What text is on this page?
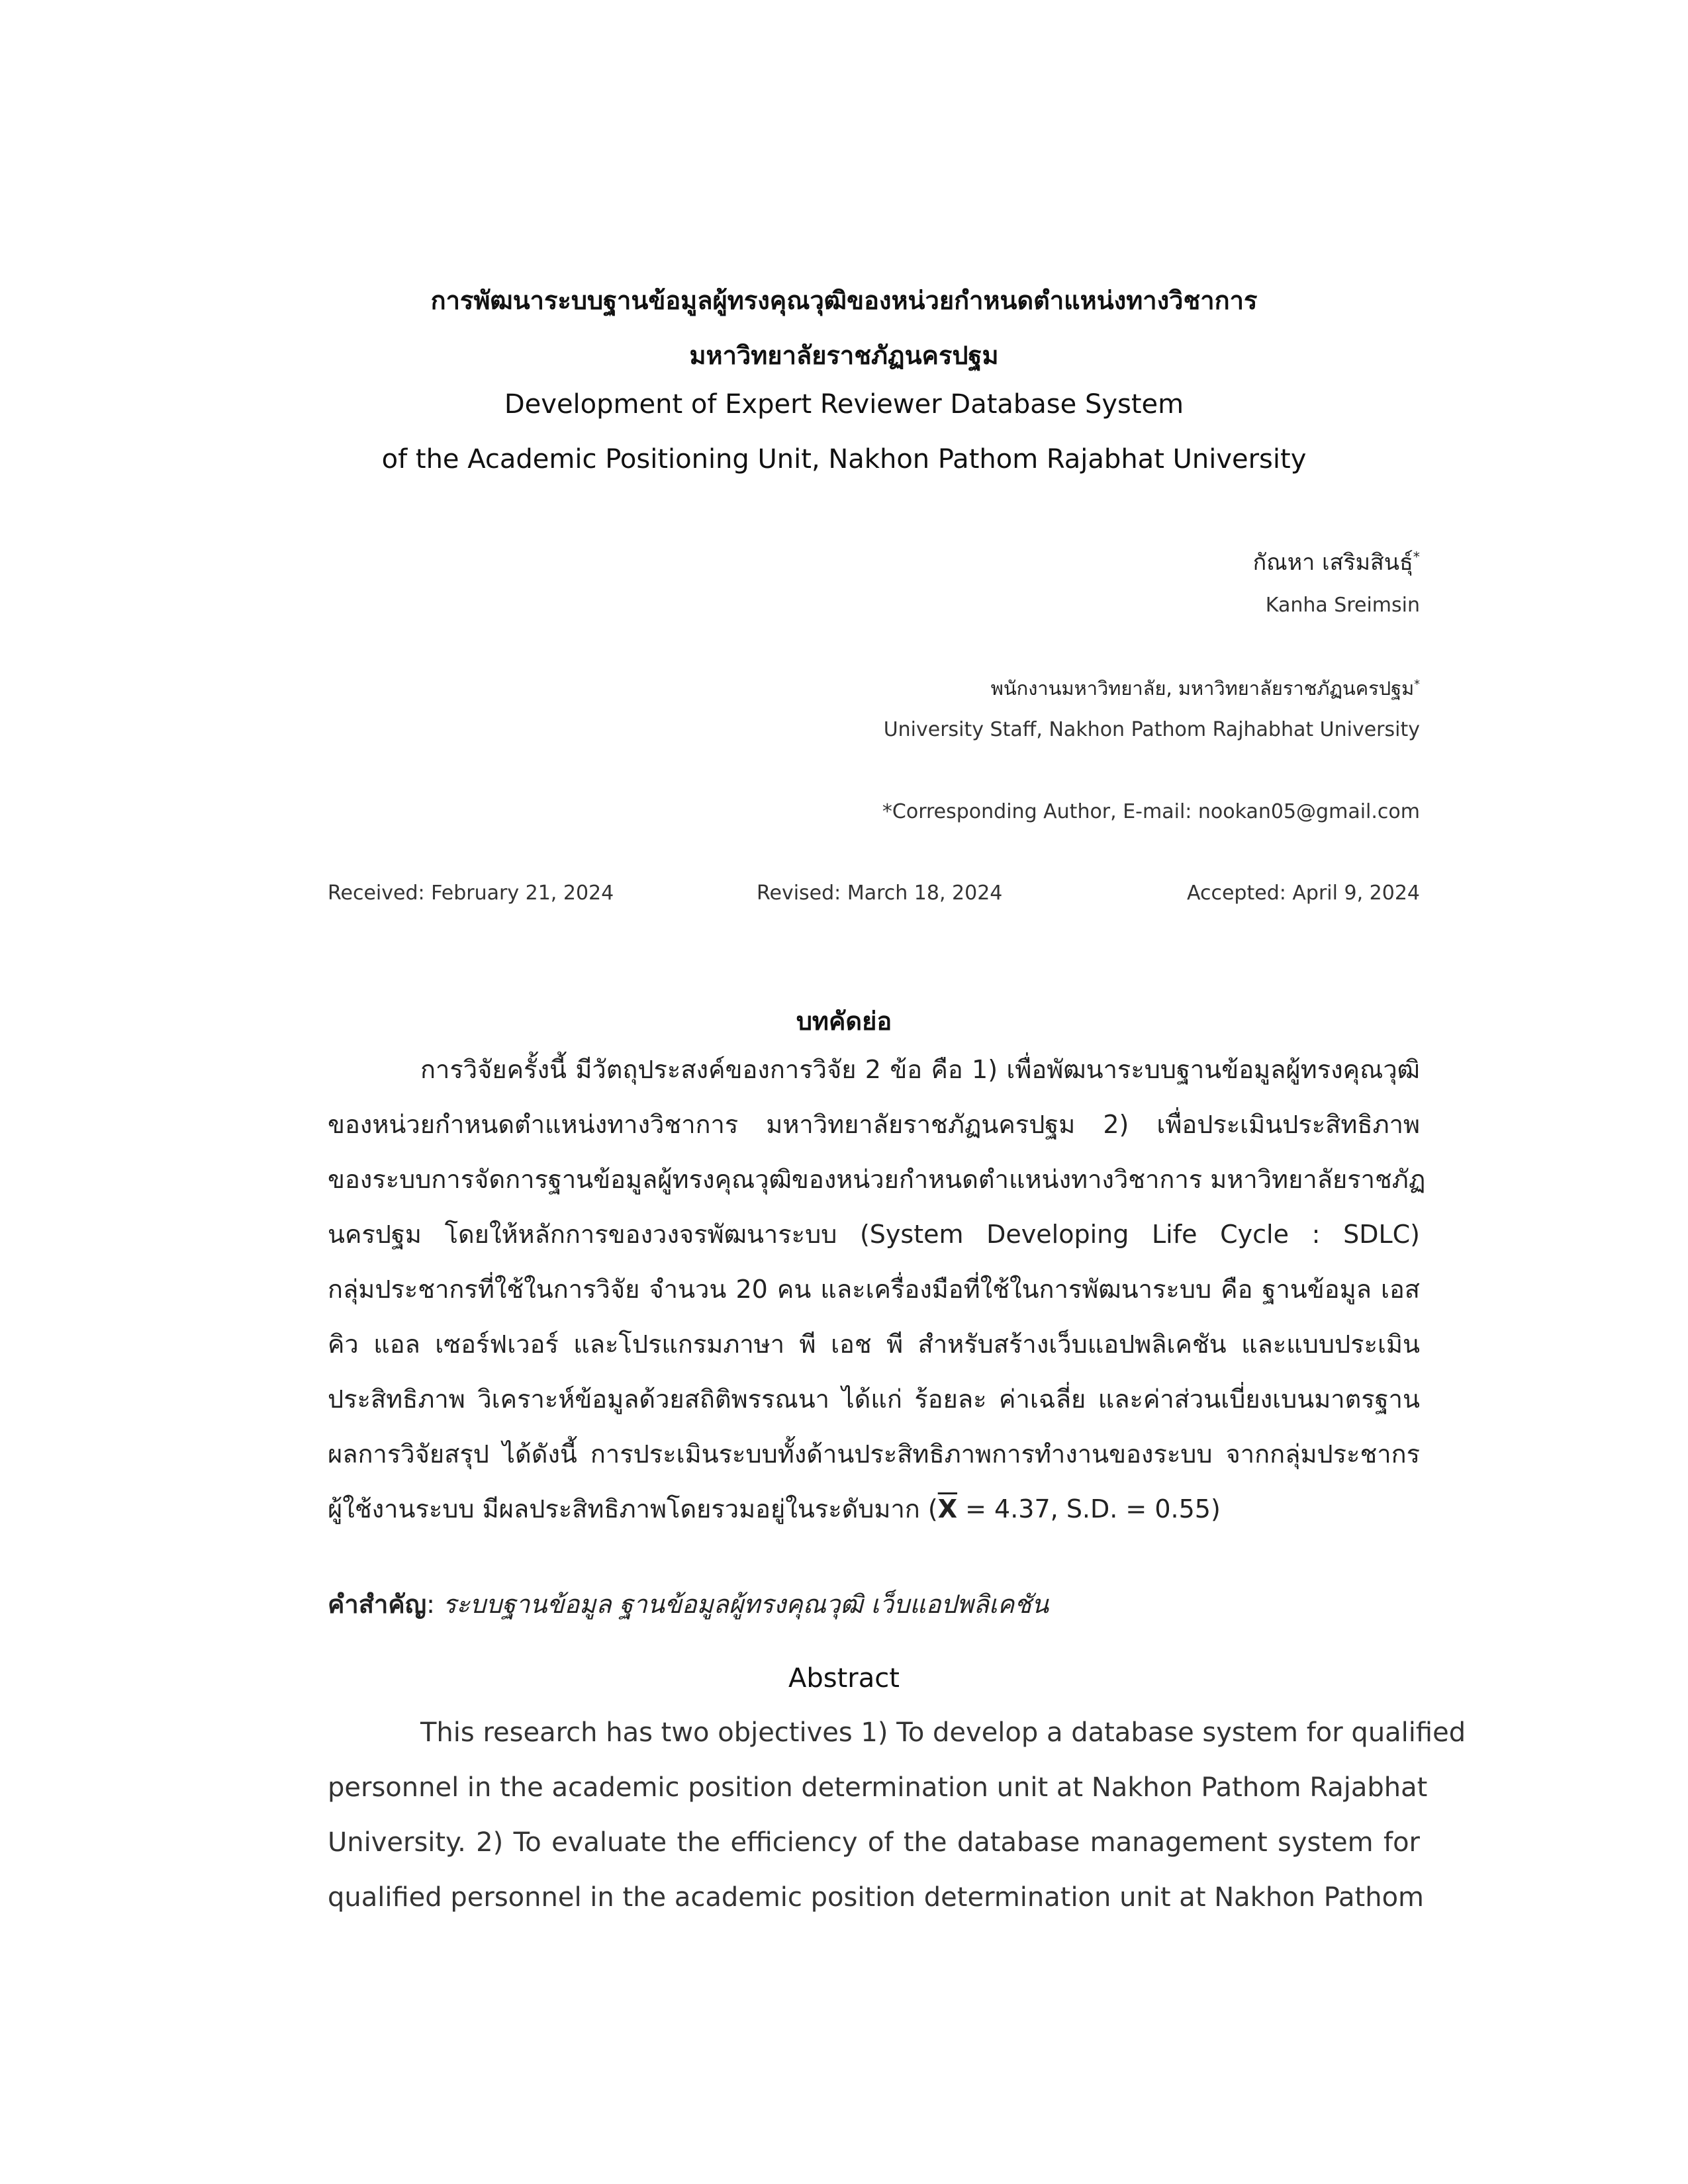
การพัฒนาระบบฐานข้อมูลผู้ทรงคุณวุฒิของหน่วยกำหนดตำแหน่งทางวิชาการ
มหาวิทยาลัยราชภัฏนครปฐม
Development of Expert Reviewer Database System
of the Academic Positioning Unit, Nakhon Pathom Rajabhat University
กัณหา เสริมสินธุ์*
Kanha Sreimsin
พนักงานมหาวิทยาลัย, มหาวิทยาลัยราชภัฏนครปฐม*
University Staff, Nakhon Pathom Rajhabhat University
*Corresponding Author, E-mail: nookan05@gmail.com
Received: February 21, 2024	Revised: March 18, 2024	Accepted: April 9, 2024
บทคัดย่อ
การวิจัยครั้งนี้ มีวัตถุประสงค์ของการวิจัย 2 ข้อ คือ 1) เพื่อพัฒนาระบบฐานข้อมูลผู้ทรงคุณวุฒิ
ของหน่วยกำหนดตำแหน่งทางวิชาการ มหาวิทยาลัยราชภัฏนครปฐม 2) เพื่อประเมินประสิทธิภาพ
ของระบบการจัดการฐานข้อมูลผู้ทรงคุณวุฒิของหน่วยกำหนดตำแหน่งทางวิชาการ มหาวิทยาลัยราชภัฏ
นครปฐม โดยให้หลักการของวงจรพัฒนาระบบ (System Developing Life Cycle : SDLC)
กลุ่มประชากรที่ใช้ในการวิจัย จำนวน 20 คน และเครื่องมือที่ใช้ในการพัฒนาระบบ คือ ฐานข้อมูล เอส
คิว แอล เซอร์ฟเวอร์ และโปรแกรมภาษา พี เอช พี สำหรับสร้างเว็บแอปพลิเคชัน และแบบประเมิน
ประสิทธิภาพ วิเคราะห์ข้อมูลด้วยสถิติพรรณนา ได้แก่ ร้อยละ ค่าเฉลี่ย และค่าส่วนเบี่ยงเบนมาตรฐาน
ผลการวิจัยสรุป ได้ดังนี้ การประเมินระบบทั้งด้านประสิทธิภาพการทำงานของระบบ จากกลุ่มประชากร
ผู้ใช้งานระบบ มีผลประสิทธิภาพโดยรวมอยู่ในระดับมาก ($\overline{X} = 4.37$, S.D. = 0.55)
คำสำคัญ: ระบบฐานข้อมูล ฐานข้อมูลผู้ทรงคุณวุฒิ เว็บแอปพลิเคชัน
Abstract
This research has two objectives 1) To develop a database system for qualified
personnel in the academic position determination unit at Nakhon Pathom Rajabhat
University. 2) To evaluate the efficiency of the database management system for
qualified personnel in the academic position determination unit at Nakhon Pathom
